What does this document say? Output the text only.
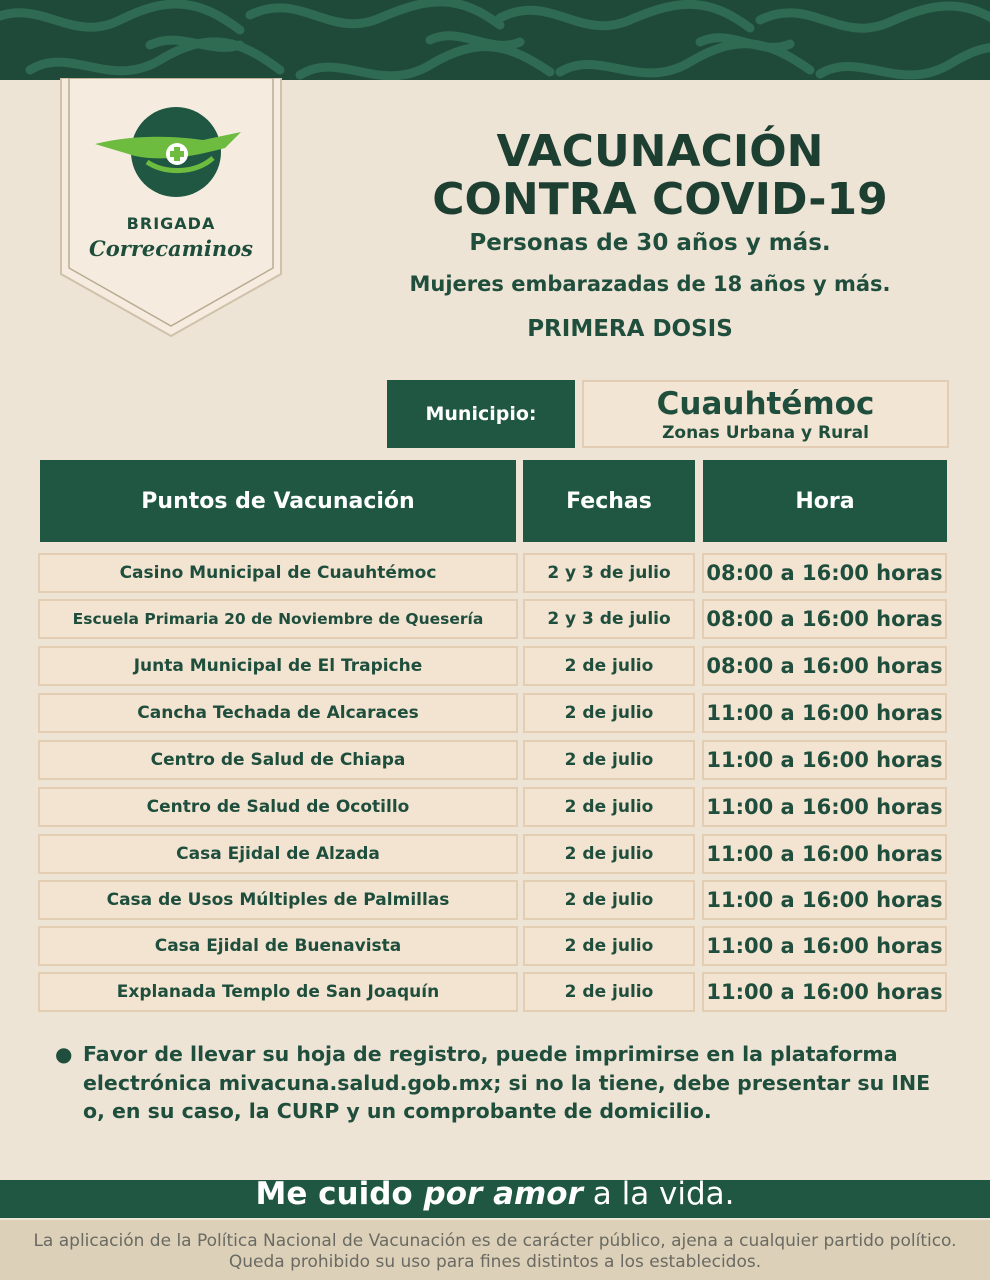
BRIGADA
Correcaminos
VACUNACIÓN
CONTRA COVID-19
Personas de 30 años y más.
Mujeres embarazadas de 18 años y más.
PRIMERA DOSIS
Municipio:	Cuauhtémoc
Zonas Urbana y Rural
Puntos de Vacunación	Fechas	Hora
Casino Municipal de Cuauhtémoc	2 y 3 de julio	08:00 a 16:00 horas
Escuela Primaria 20 de Noviembre de Quesería	2 y 3 de julio	08:00 a 16:00 horas
Junta Municipal de El Trapiche	2 de julio	08:00 a 16:00 horas
Cancha Techada de Alcaraces	2 de julio	11:00 a 16:00 horas
Centro de Salud de Chiapa	2 de julio	11:00 a 16:00 horas
Centro de Salud de Ocotillo	2 de julio	11:00 a 16:00 horas
Casa Ejidal de Alzada	2 de julio	11:00 a 16:00 horas
Casa de Usos Múltiples de Palmillas	2 de julio	11:00 a 16:00 horas
Casa Ejidal de Buenavista	2 de julio	11:00 a 16:00 horas
Explanada Templo de San Joaquín	2 de julio	11:00 a 16:00 horas
● Favor de llevar su hoja de registro, puede imprimirse en la plataforma electrónica mivacuna.salud.gob.mx; si no la tiene, debe presentar su INE o, en su caso, la CURP y un comprobante de domicilio.
Me cuido por amor a la vida.
La aplicación de la Política Nacional de Vacunación es de carácter público, ajena a cualquier partido político. Queda prohibido su uso para fines distintos a los establecidos.
